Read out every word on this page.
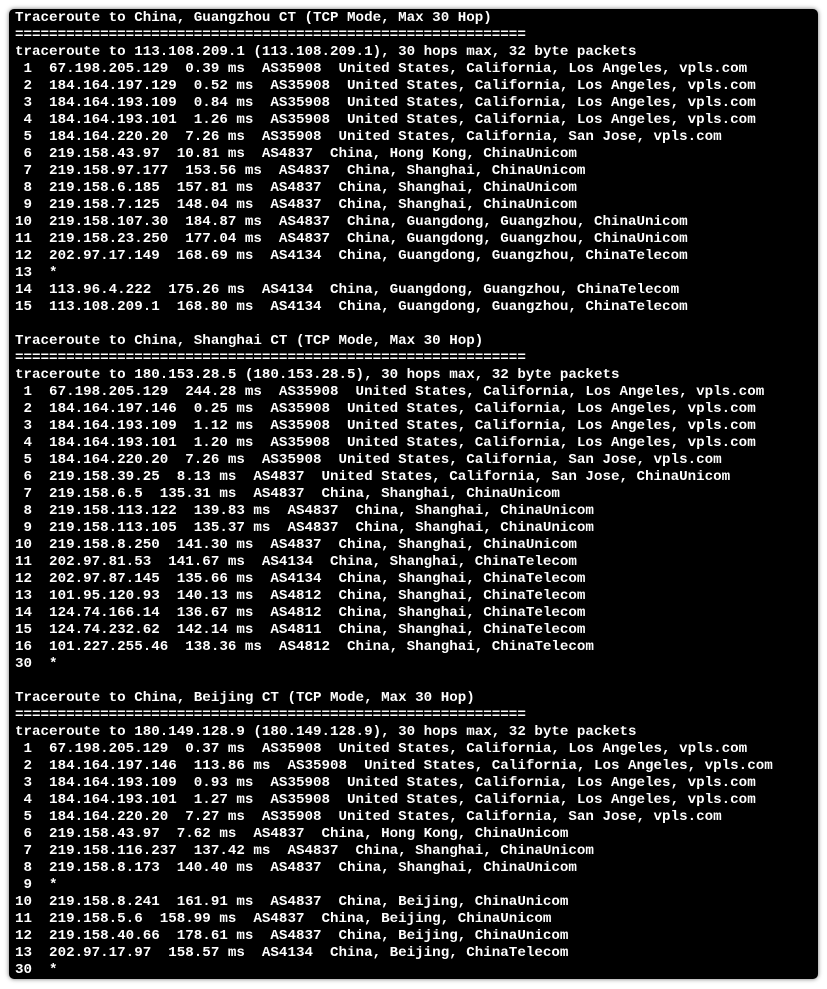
Traceroute to China, Guangzhou CT (TCP Mode, Max 30 Hop)
============================================================
traceroute to 113.108.209.1 (113.108.209.1), 30 hops max, 32 byte packets
1  67.198.205.129  0.39 ms  AS35908  United States, California, Los Angeles, vpls.com
2  184.164.197.129  0.52 ms  AS35908  United States, California, Los Angeles, vpls.com
3  184.164.193.109  0.84 ms  AS35908  United States, California, Los Angeles, vpls.com
4  184.164.193.101  1.26 ms  AS35908  United States, California, Los Angeles, vpls.com
5  184.164.220.20  7.26 ms  AS35908  United States, California, San Jose, vpls.com
6  219.158.43.97  10.81 ms  AS4837  China, Hong Kong, ChinaUnicom
7  219.158.97.177  153.56 ms  AS4837  China, Shanghai, ChinaUnicom
8  219.158.6.185  157.81 ms  AS4837  China, Shanghai, ChinaUnicom
9  219.158.7.125  148.04 ms  AS4837  China, Shanghai, ChinaUnicom
10  219.158.107.30  184.87 ms  AS4837  China, Guangdong, Guangzhou, ChinaUnicom
11  219.158.23.250  177.04 ms  AS4837  China, Guangdong, Guangzhou, ChinaUnicom
12  202.97.17.149  168.69 ms  AS4134  China, Guangdong, Guangzhou, ChinaTelecom
13  *
14  113.96.4.222  175.26 ms  AS4134  China, Guangdong, Guangzhou, ChinaTelecom
15  113.108.209.1  168.80 ms  AS4134  China, Guangdong, Guangzhou, ChinaTelecom
Traceroute to China, Shanghai CT (TCP Mode, Max 30 Hop)
============================================================
traceroute to 180.153.28.5 (180.153.28.5), 30 hops max, 32 byte packets
1  67.198.205.129  244.28 ms  AS35908  United States, California, Los Angeles, vpls.com
2  184.164.197.146  0.25 ms  AS35908  United States, California, Los Angeles, vpls.com
3  184.164.193.109  1.12 ms  AS35908  United States, California, Los Angeles, vpls.com
4  184.164.193.101  1.20 ms  AS35908  United States, California, Los Angeles, vpls.com
5  184.164.220.20  7.26 ms  AS35908  United States, California, San Jose, vpls.com
6  219.158.39.25  8.13 ms  AS4837  United States, California, San Jose, ChinaUnicom
7  219.158.6.5  135.31 ms  AS4837  China, Shanghai, ChinaUnicom
8  219.158.113.122  139.83 ms  AS4837  China, Shanghai, ChinaUnicom
9  219.158.113.105  135.37 ms  AS4837  China, Shanghai, ChinaUnicom
10  219.158.8.250  141.30 ms  AS4837  China, Shanghai, ChinaUnicom
11  202.97.81.53  141.67 ms  AS4134  China, Shanghai, ChinaTelecom
12  202.97.87.145  135.66 ms  AS4134  China, Shanghai, ChinaTelecom
13  101.95.120.93  140.13 ms  AS4812  China, Shanghai, ChinaTelecom
14  124.74.166.14  136.67 ms  AS4812  China, Shanghai, ChinaTelecom
15  124.74.232.62  142.14 ms  AS4811  China, Shanghai, ChinaTelecom
16  101.227.255.46  138.36 ms  AS4812  China, Shanghai, ChinaTelecom
30  *
Traceroute to China, Beijing CT (TCP Mode, Max 30 Hop)
============================================================
traceroute to 180.149.128.9 (180.149.128.9), 30 hops max, 32 byte packets
1  67.198.205.129  0.37 ms  AS35908  United States, California, Los Angeles, vpls.com
2  184.164.197.146  113.86 ms  AS35908  United States, California, Los Angeles, vpls.com
3  184.164.193.109  0.93 ms  AS35908  United States, California, Los Angeles, vpls.com
4  184.164.193.101  1.27 ms  AS35908  United States, California, Los Angeles, vpls.com
5  184.164.220.20  7.27 ms  AS35908  United States, California, San Jose, vpls.com
6  219.158.43.97  7.62 ms  AS4837  China, Hong Kong, ChinaUnicom
7  219.158.116.237  137.42 ms  AS4837  China, Shanghai, ChinaUnicom
8  219.158.8.173  140.40 ms  AS4837  China, Shanghai, ChinaUnicom
9  *
10  219.158.8.241  161.91 ms  AS4837  China, Beijing, ChinaUnicom
11  219.158.5.6  158.99 ms  AS4837  China, Beijing, ChinaUnicom
12  219.158.40.66  178.61 ms  AS4837  China, Beijing, ChinaUnicom
13  202.97.17.97  158.57 ms  AS4134  China, Beijing, ChinaTelecom
30  *
